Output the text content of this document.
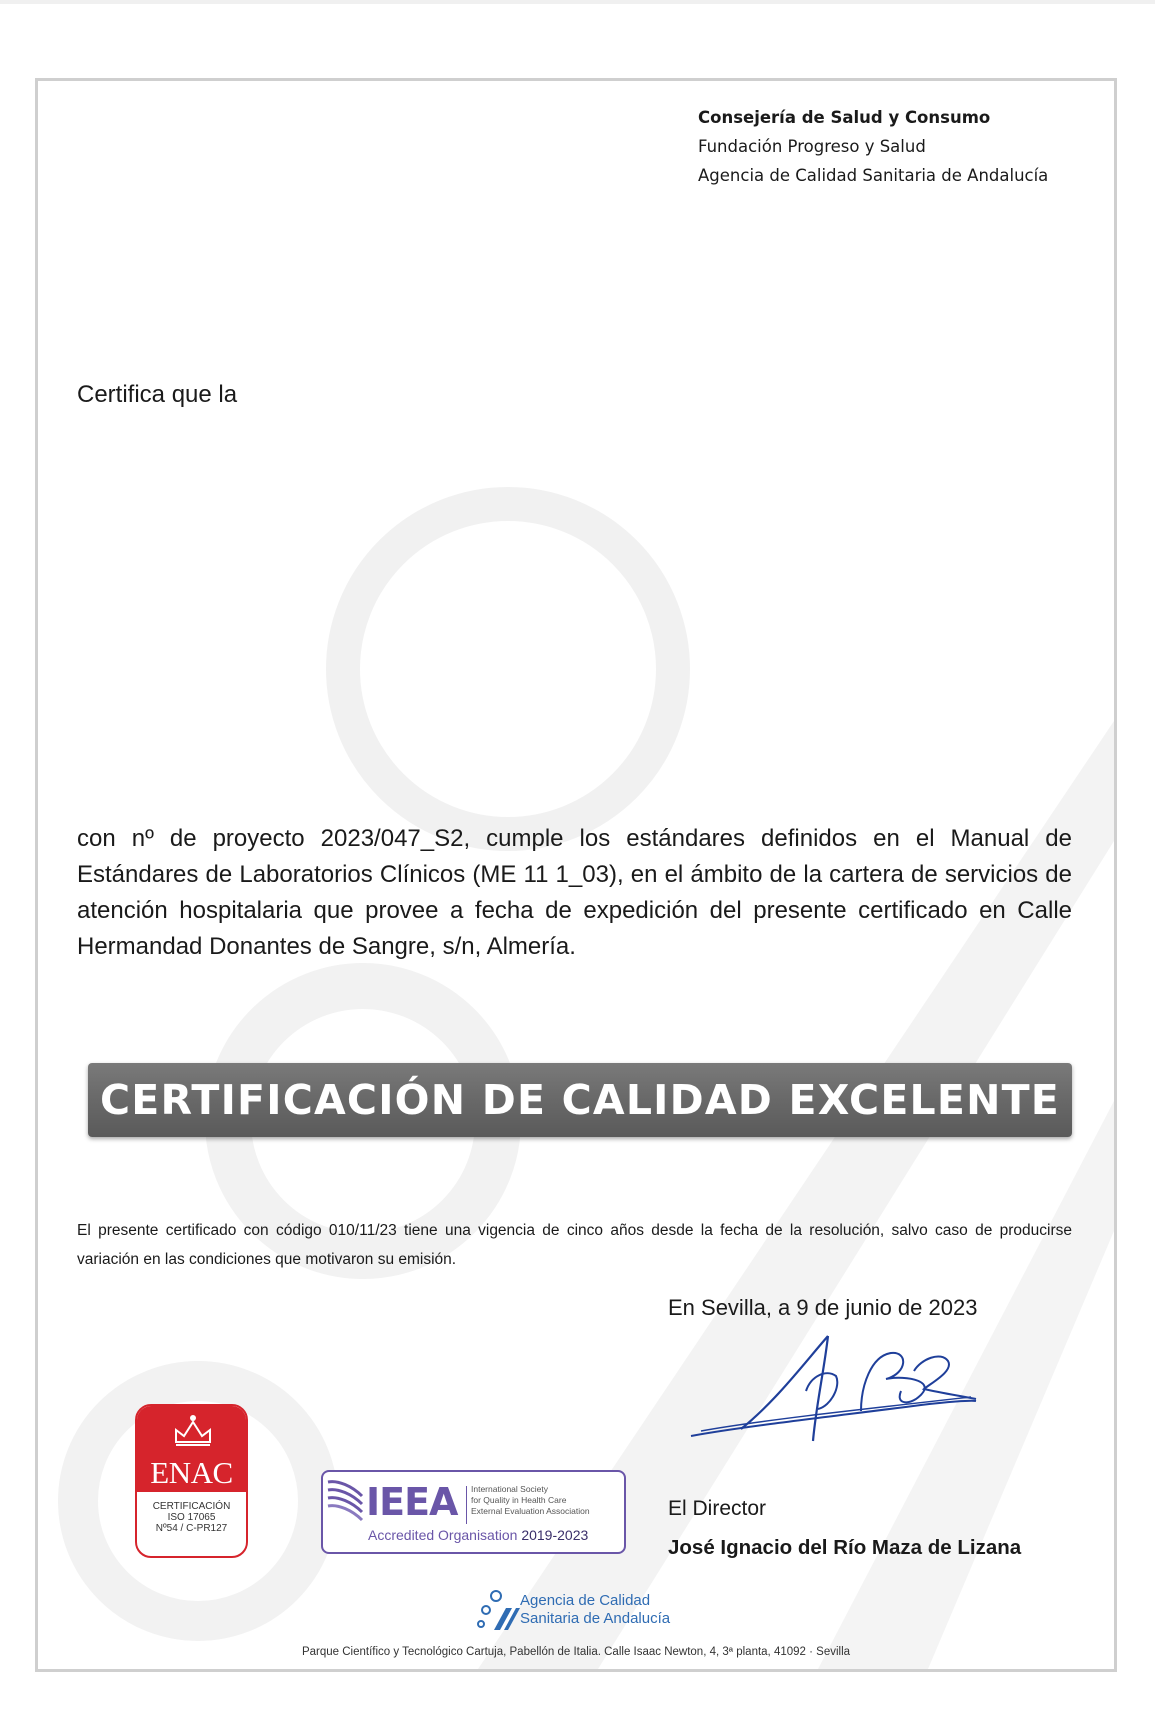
Consejería de Salud y Consumo
Fundación Progreso y Salud
Agencia de Calidad Sanitaria de Andalucía
Certifica que la
con nº de proyecto 2023/047_S2, cumple los estándares definidos en el Manual de Estándares de Laboratorios Clínicos (ME 11 1_03), en el ámbito de la cartera de servicios de atención hospitalaria que provee a fecha de expedición del presente certificado en Calle Hermandad Donantes de Sangre, s/n, Almería.
CERTIFICACIÓN DE CALIDAD EXCELENTE
El presente certificado con código 010/11/23 tiene una vigencia de cinco años desde la fecha de la resolución, salvo caso de producirse variación en las condiciones que motivaron su emisión.
En Sevilla, a 9 de junio de 2023
El Director
José Ignacio del Río Maza de Lizana
ENAC
CERTIFICACIÓN
ISO 17065
Nº54 / C-PR127
IEEA International Society
for Quality in Health Care
External Evaluation Association
Accredited Organisation 2019-2023
Agencia de Calidad
Sanitaria de Andalucía
Parque Científico y Tecnológico Cartuja, Pabellón de Italia. Calle Isaac Newton, 4, 3ª planta, 41092 · Sevilla
